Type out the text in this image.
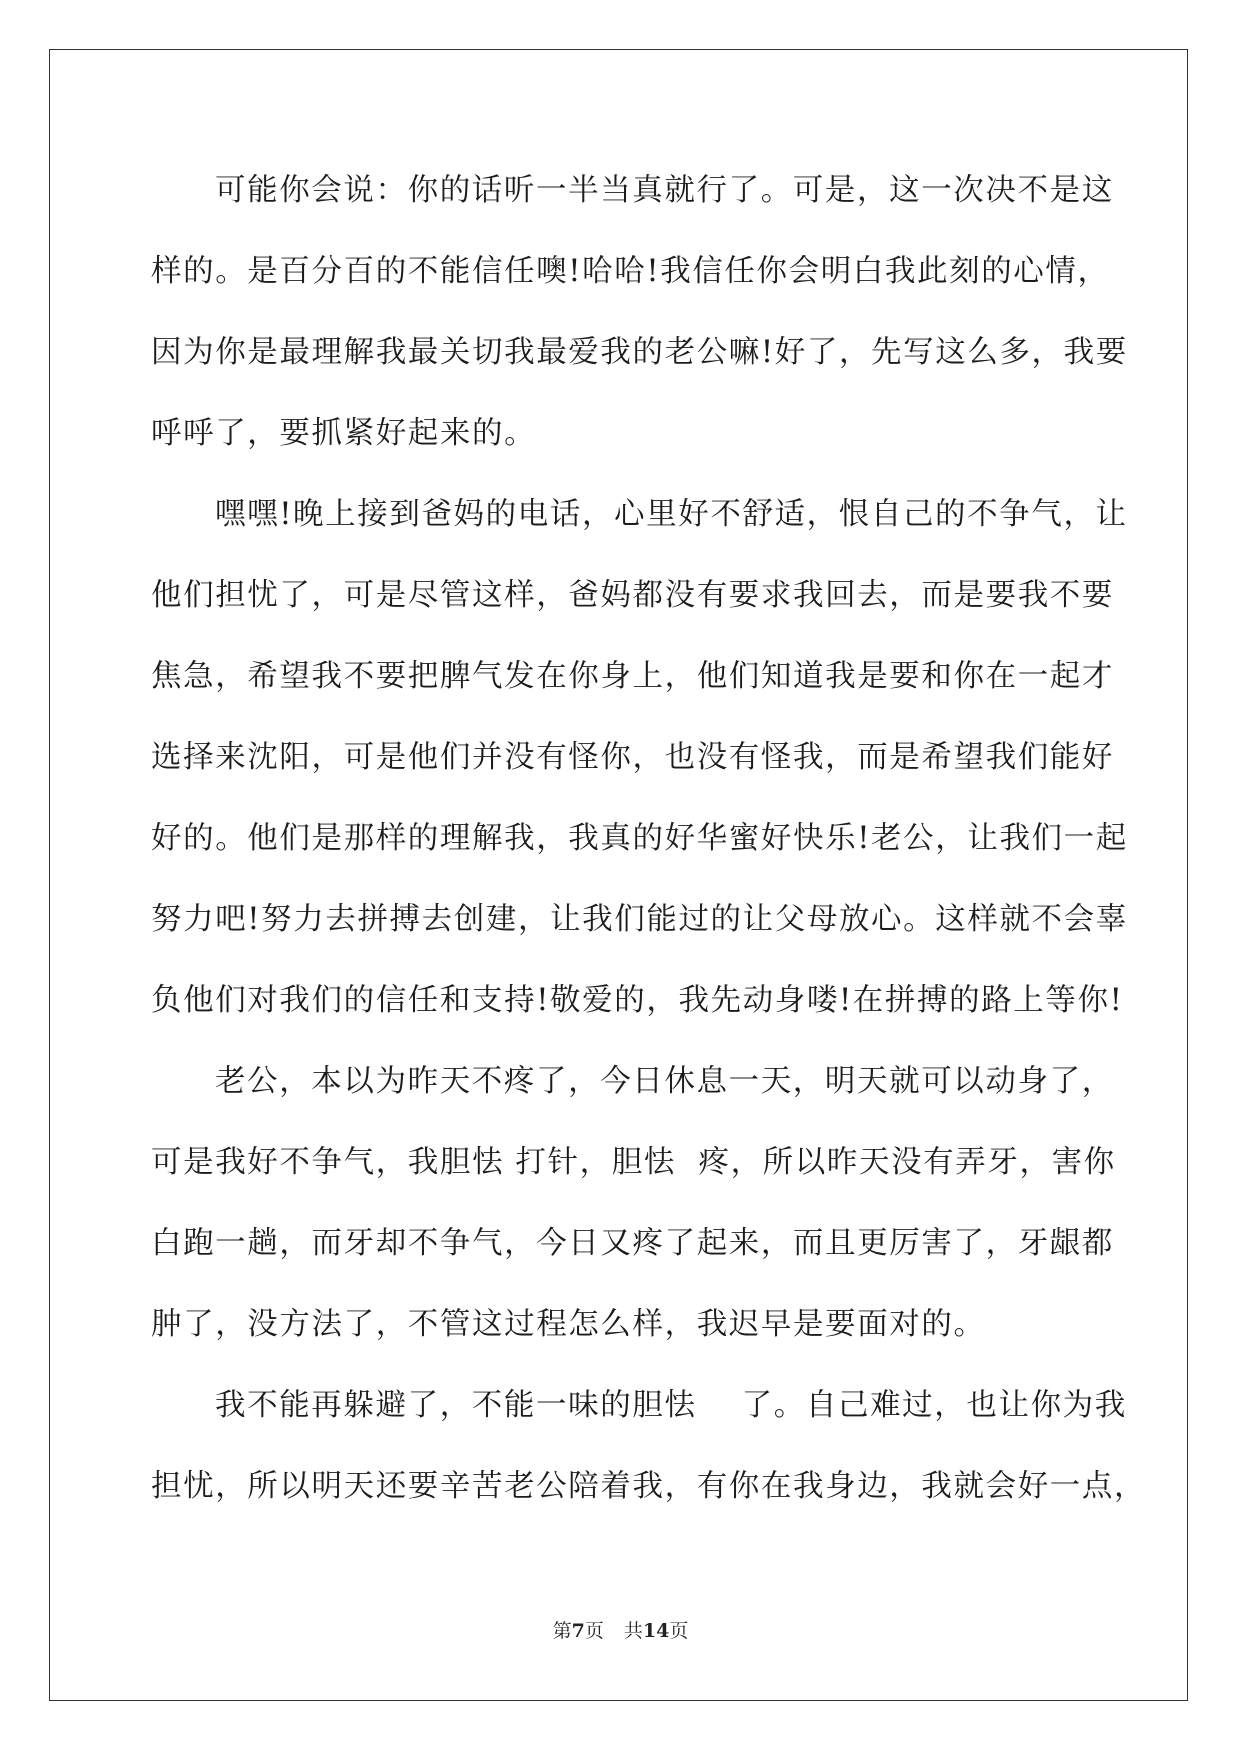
可能你会说：你的话听一半当真就行了。可是，这一次决不是这
样的。是百分百的不能信任噢!哈哈!我信任你会明白我此刻的心情，
因为你是最理解我最关切我最爱我的老公嘛!好了，先写这么多，我要
呼呼了，要抓紧好起来的。
嘿嘿!晚上接到爸妈的电话，心里好不舒适，恨自己的不争气，让
他们担忧了，可是尽管这样，爸妈都没有要求我回去，而是要我不要
焦急，希望我不要把脾气发在你身上，他们知道我是要和你在一起才
选择来沈阳，可是他们并没有怪你，也没有怪我，而是希望我们能好
好的。他们是那样的理解我，我真的好华蜜好快乐!老公，让我们一起
努力吧!努力去拼搏去创建，让我们能过的让父母放心。这样就不会辜
负他们对我们的信任和支持!敬爱的，我先动身喽!在拼搏的路上等你!
老公，本以为昨天不疼了，今日休息一天，明天就可以动身了，
可是我好不争气，我胆怯 打针，胆怯  疼，所以昨天没有弄牙，害你
白跑一趟，而牙却不争气，今日又疼了起来，而且更厉害了，牙龈都
肿了，没方法了，不管这过程怎么样，我迟早是要面对的。
我不能再躲避了，不能一味的胆怯    了。自己难过，也让你为我
担忧，所以明天还要辛苦老公陪着我，有你在我身边，我就会好一点，
第7页 共14页
